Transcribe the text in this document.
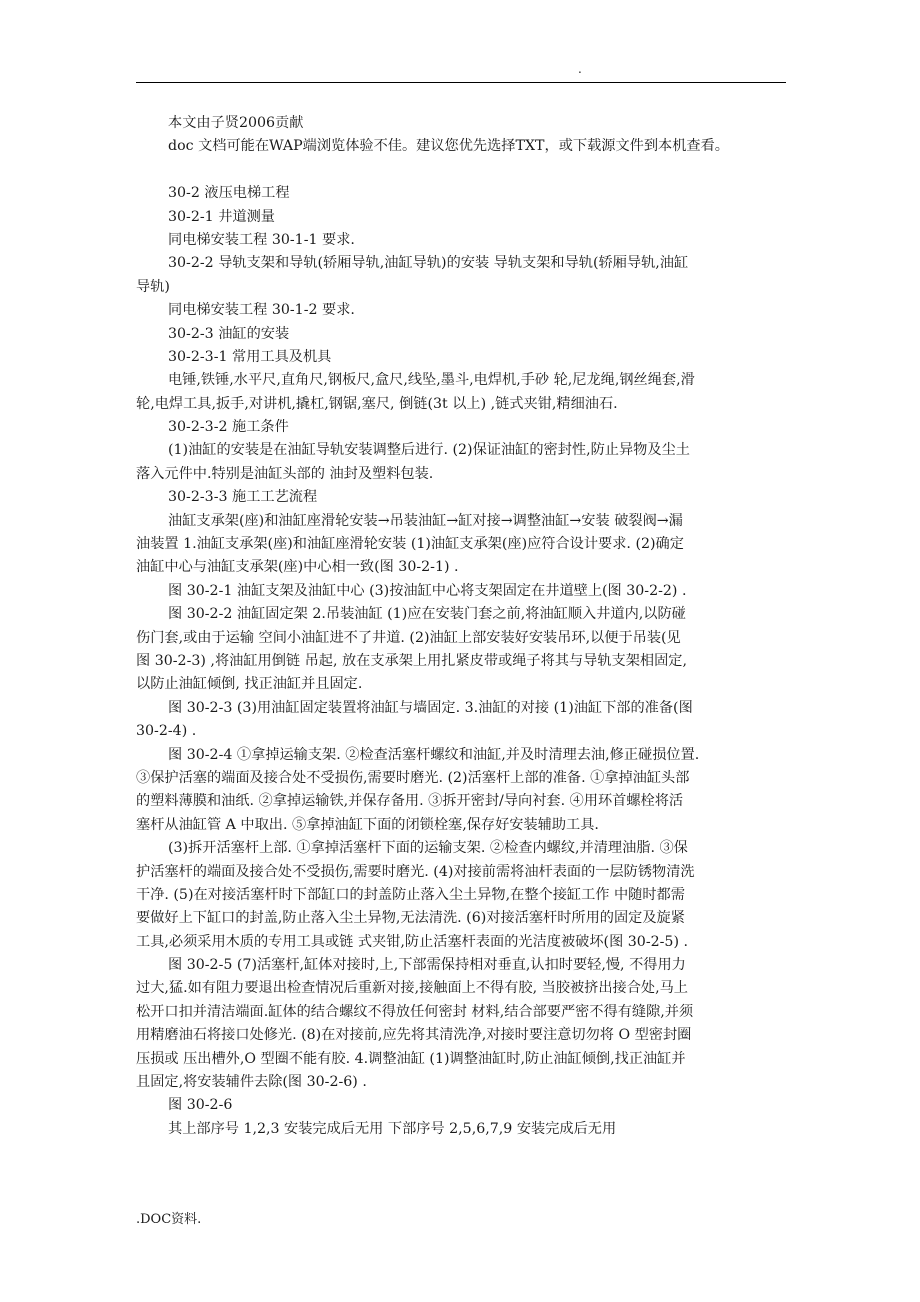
.
本文由子贤2006贡献
doc 文档可能在WAP端浏览体验不佳。建议您优先选择TXT，或下载源文件到本机查看。
30-2 液压电梯工程
30-2-1 井道测量
同电梯安装工程 30-1-1 要求.
30-2-2 导轨支架和导轨(轿厢导轨,油缸导轨)的安装 导轨支架和导轨(轿厢导轨,油缸
导轨)
同电梯安装工程 30-1-2 要求.
30-2-3 油缸的安装
30-2-3-1 常用工具及机具
电锤,铁锤,水平尺,直角尺,钢板尺,盒尺,线坠,墨斗,电焊机,手砂 轮,尼龙绳,钢丝绳套,滑
轮,电焊工具,扳手,对讲机,撬杠,钢锯,塞尺, 倒链(3t 以上) ,链式夹钳,精细油石.
30-2-3-2 施工条件
(1)油缸的安装是在油缸导轨安装调整后进行. (2)保证油缸的密封性,防止异物及尘土
落入元件中.特别是油缸头部的 油封及塑料包装.
30-2-3-3 施工工艺流程
油缸支承架(座)和油缸座滑轮安装→吊装油缸→缸对接→调整油缸→安装 破裂阀→漏
油装置 1.油缸支承架(座)和油缸座滑轮安装 (1)油缸支承架(座)应符合设计要求. (2)确定
油缸中心与油缸支承架(座)中心相一致(图 30-2-1) .
图 30-2-1 油缸支架及油缸中心 (3)按油缸中心将支架固定在井道壁上(图 30-2-2) .
图 30-2-2 油缸固定架 2.吊装油缸 (1)应在安装门套之前,将油缸顺入井道内,以防碰
伤门套,或由于运输 空间小油缸进不了井道. (2)油缸上部安装好安装吊环,以便于吊装(见
图 30-2-3) ,将油缸用倒链 吊起, 放在支承架上用扎紧皮带或绳子将其与导轨支架相固定,
以防止油缸倾倒, 找正油缸并且固定.
图 30-2-3 (3)用油缸固定装置将油缸与墙固定. 3.油缸的对接 (1)油缸下部的准备(图
30-2-4) .
图 30-2-4 ①拿掉运输支架. ②检查活塞杆螺纹和油缸,并及时清理去油,修正碰损位置.
③保护活塞的端面及接合处不受损伤,需要时磨光. (2)活塞杆上部的准备. ①拿掉油缸头部
的塑料薄膜和油纸. ②拿掉运输铁,并保存备用. ③拆开密封/导向衬套. ④用环首螺栓将活
塞杆从油缸管 A 中取出. ⑤拿掉油缸下面的闭锁栓塞,保存好安装辅助工具.
(3)拆开活塞杆上部. ①拿掉活塞杆下面的运输支架. ②检查内螺纹,并清理油脂. ③保
护活塞杆的端面及接合处不受损伤,需要时磨光. (4)对接前需将油杆表面的一层防锈物清洗
干净. (5)在对接活塞杆时下部缸口的封盖防止落入尘土异物,在整个接缸工作 中随时都需
要做好上下缸口的封盖,防止落入尘土异物,无法清洗. (6)对接活塞杆时所用的固定及旋紧
工具,必须采用木质的专用工具或链 式夹钳,防止活塞杆表面的光洁度被破坏(图 30-2-5) .
图 30-2-5 (7)活塞杆,缸体对接时,上,下部需保持相对垂直,认扣时要轻,慢, 不得用力
过大,猛.如有阻力要退出检查情况后重新对接,接触面上不得有胶, 当胶被挤出接合处,马上
松开口扣并清洁端面.缸体的结合螺纹不得放任何密封 材料,结合部要严密不得有缝隙,并须
用精磨油石将接口处修光. (8)在对接前,应先将其清洗净,对接时要注意切勿将 O 型密封圈
压损或 压出槽外,O 型圈不能有胶. 4.调整油缸 (1)调整油缸时,防止油缸倾倒,找正油缸并
且固定,将安装辅件去除(图 30-2-6) .
图 30-2-6
其上部序号 1,2,3 安装完成后无用 下部序号 2,5,6,7,9 安装完成后无用
.DOC资料.
